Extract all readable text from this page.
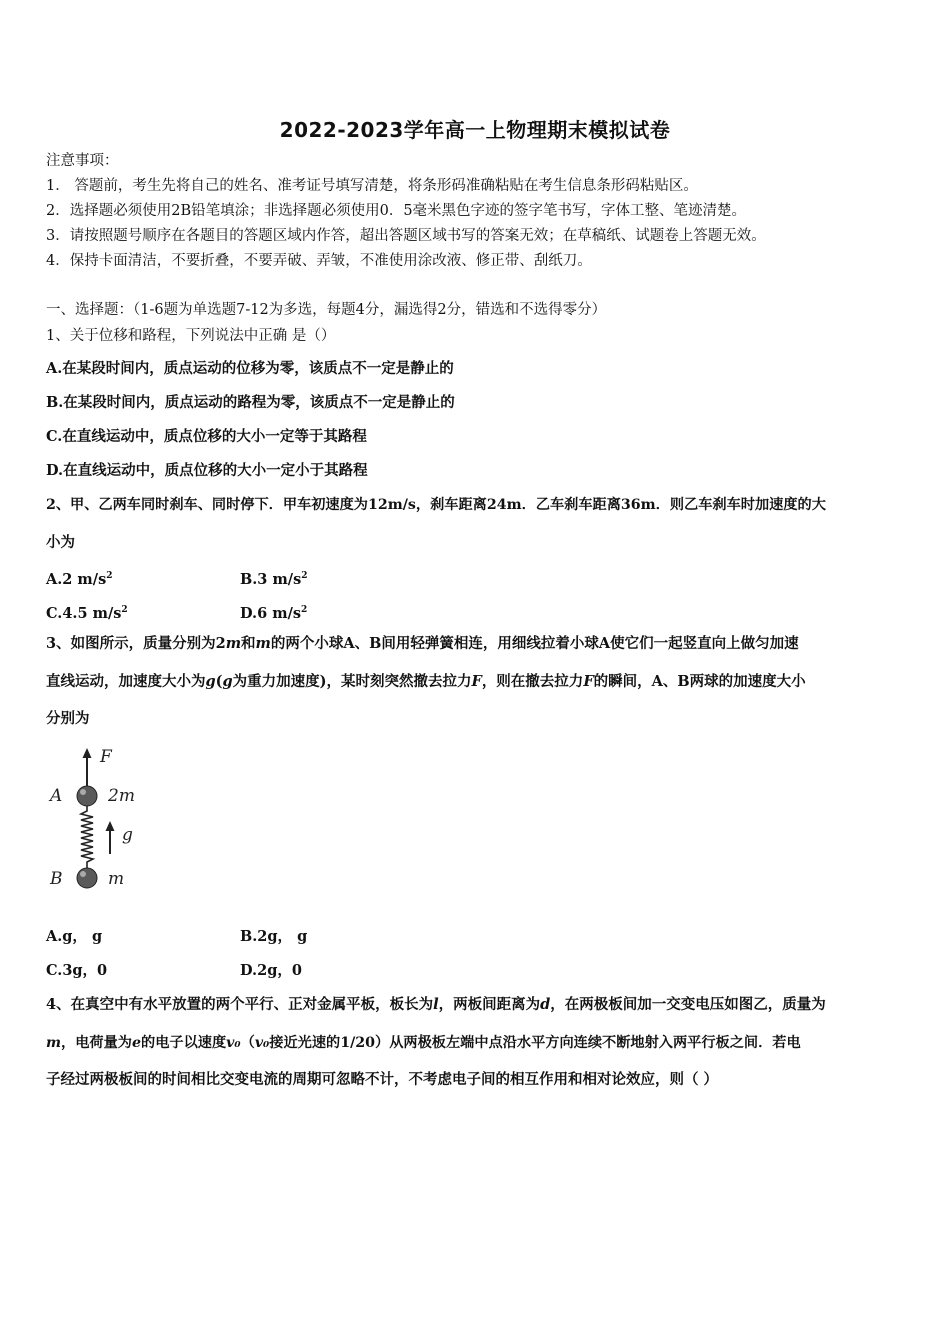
2022-2023学年高一上物理期末模拟试卷
注意事项：
1． 答题前，考生先将自己的姓名、准考证号填写清楚，将条形码准确粘贴在考生信息条形码粘贴区。
2．选择题必须使用2B铅笔填涂；非选择题必须使用0．5毫米黑色字迹的签字笔书写，字体工整、笔迹清楚。
3．请按照题号顺序在各题目的答题区域内作答，超出答题区域书写的答案无效；在草稿纸、试题卷上答题无效。
4．保持卡面清洁，不要折叠，不要弄破、弄皱，不准使用涂改液、修正带、刮纸刀。
一、选择题：（1-6题为单选题7-12为多选，每题4分，漏选得2分，错选和不选得零分）
1、关于位移和路程，下列说法中正确 是（）
A.在某段时间内，质点运动的位移为零，该质点不一定是静止的
B.在某段时间内，质点运动的路程为零，该质点不一定是静止的
C.在直线运动中，质点位移的大小一定等于其路程
D.在直线运动中，质点位移的大小一定小于其路程
2、甲、乙两车同时刹车、同时停下．甲车初速度为12m/s，刹车距离24m．乙车刹车距离36m．则乙车刹车时加速度的大
小为
A.2 $m/s^2$	B.3 $m/s^2$
C.4.5 $m/s^2$	D.6 $m/s^2$
3、如图所示，质量分别为2m和m的两个小球A、B间用轻弹簧相连，用细线拉着小球A使它们一起竖直向上做匀加速
直线运动，加速度大小为g(g为重力加速度)，某时刻突然撤去拉力F，则在撤去拉力F的瞬间，A、B两球的加速度大小
分别为
F
A	2m
g
B	m
A.g， g	B.2g， g
C.3g，0	D.2g，0
4、在真空中有水平放置的两个平行、正对金属平板，板长为l，两板间距离为d，在两极板间加一交变电压如图乙，质量为
m，电荷量为e的电子以速度v₀（v₀接近光速的1/20）从两极板左端中点沿水平方向连续不断地射入两平行板之间．若电
子经过两极板间的时间相比交变电流的周期可忽略不计，不考虑电子间的相互作用和相对论效应，则（ ）
